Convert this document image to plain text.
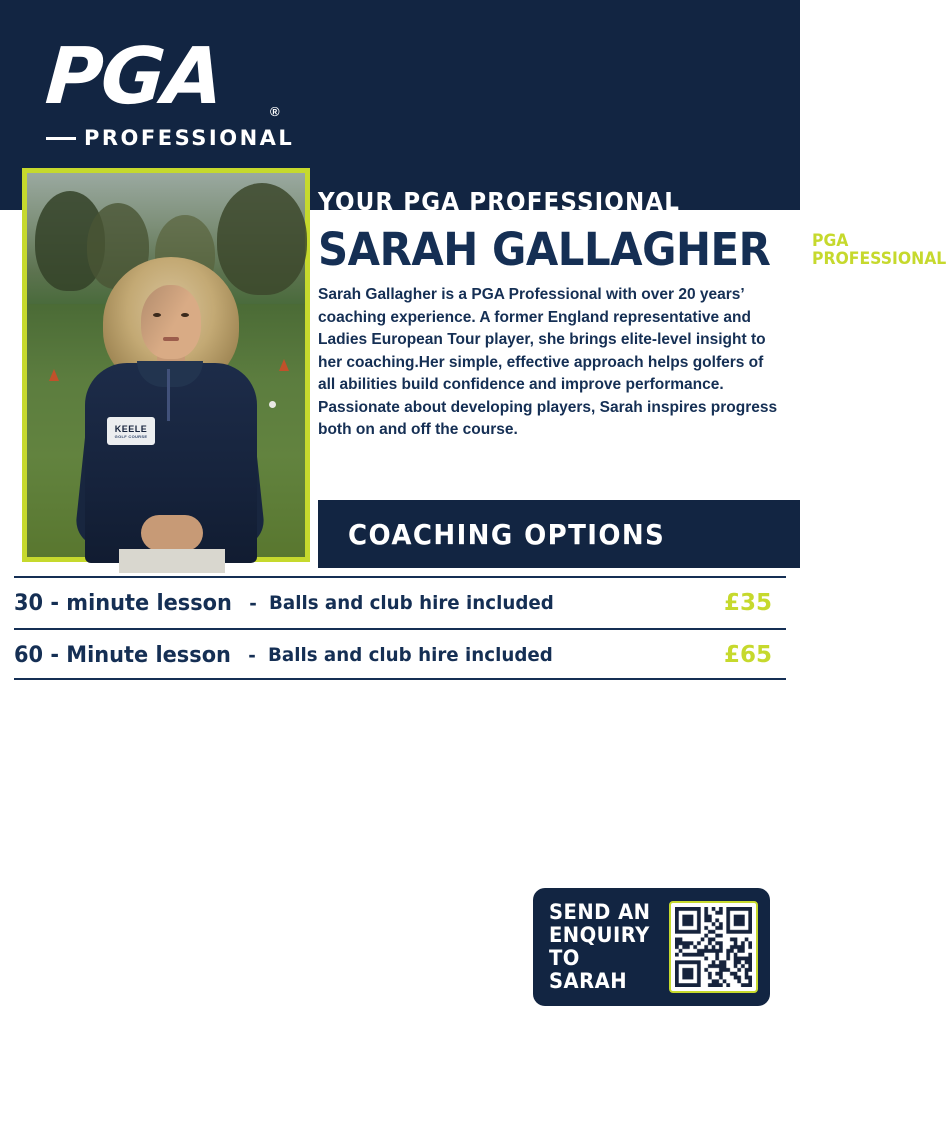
PGA	®
PROFESSIONAL
KEELE
GOLF COURSE
YOUR PGA PROFESSIONAL
SARAH GALLAGHER PGA
PROFESSIONAL

Sarah Gallagher is a PGA Professional with over 20 years’ coaching experience. A former England representative and Ladies European Tour player, she brings elite-level insight to her coaching.Her simple, effective approach helps golfers of all abilities build confidence and improve performance. Passionate about developing players, Sarah inspires progress both on and off the course.

COACHING OPTIONS
30 - minute lesson - Balls and club hire included	£35
60 - Minute lesson - Balls and club hire included	£65
SEND AN
ENQUIRY
TO SARAH
